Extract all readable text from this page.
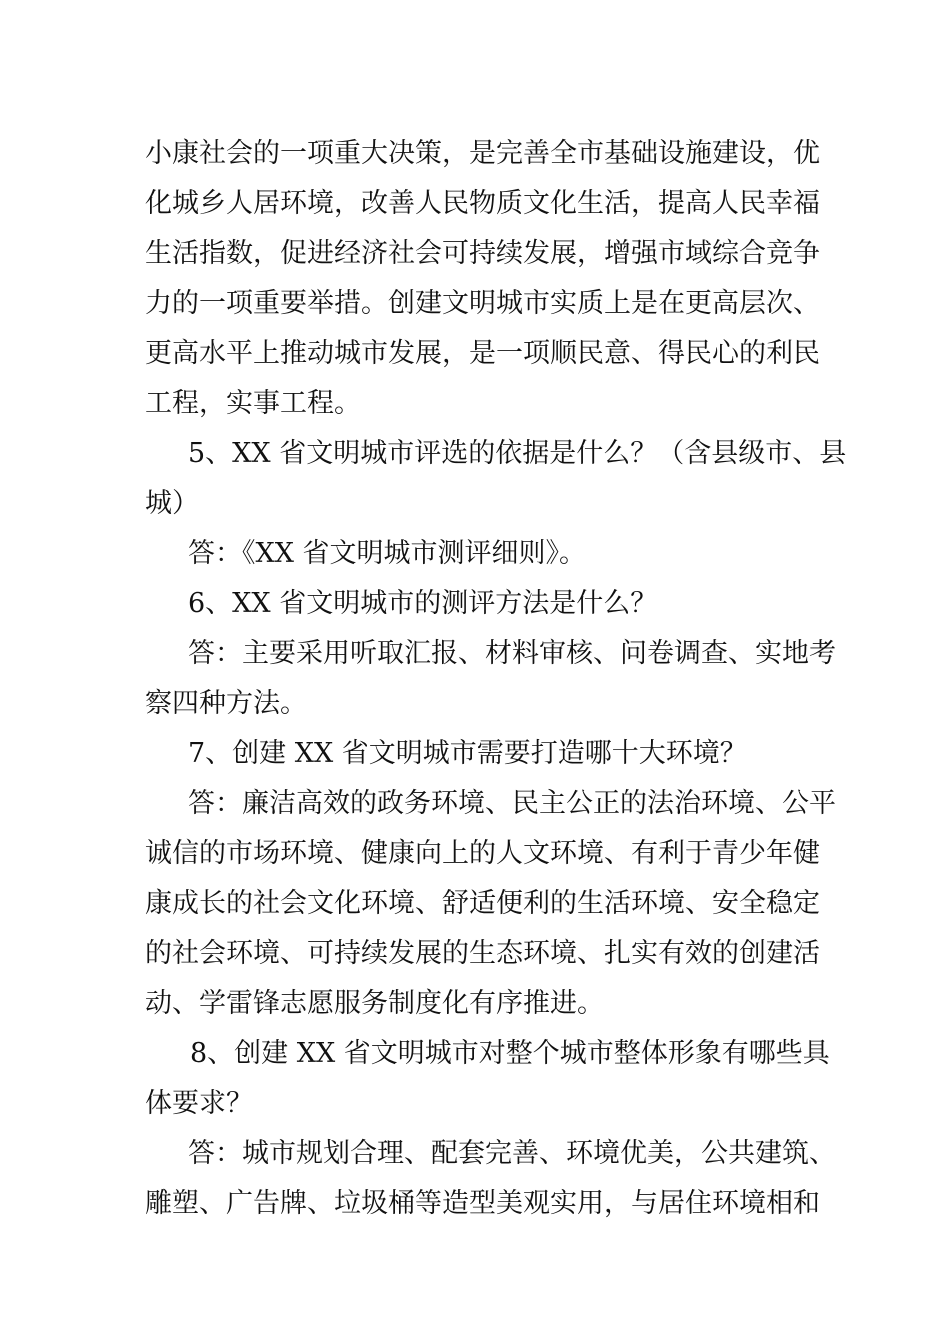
小康社会的一项重大决策，是完善全市基础设施建设，优
化城乡人居环境，改善人民物质文化生活，提高人民幸福
生活指数，促进经济社会可持续发展，增强市域综合竞争
力的一项重要举措。创建文明城市实质上是在更高层次、
更高水平上推动城市发展，是一项顺民意、得民心的利民
工程，实事工程。
5、XX 省文明城市评选的依据是什么？（含县级市、县
城）
答：《XX 省文明城市测评细则》。
6、XX 省文明城市的测评方法是什么？
答：主要采用听取汇报、材料审核、问卷调查、实地考
察四种方法。
7、创建 XX 省文明城市需要打造哪十大环境？
答：廉洁高效的政务环境、民主公正的法治环境、公平
诚信的市场环境、健康向上的人文环境、有利于青少年健
康成长的社会文化环境、舒适便利的生活环境、安全稳定
的社会环境、可持续发展的生态环境、扎实有效的创建活
动、学雷锋志愿服务制度化有序推进。
8、创建 XX 省文明城市对整个城市整体形象有哪些具
体要求？
答：城市规划合理、配套完善、环境优美，公共建筑、
雕塑、广告牌、垃圾桶等造型美观实用，与居住环境相和
